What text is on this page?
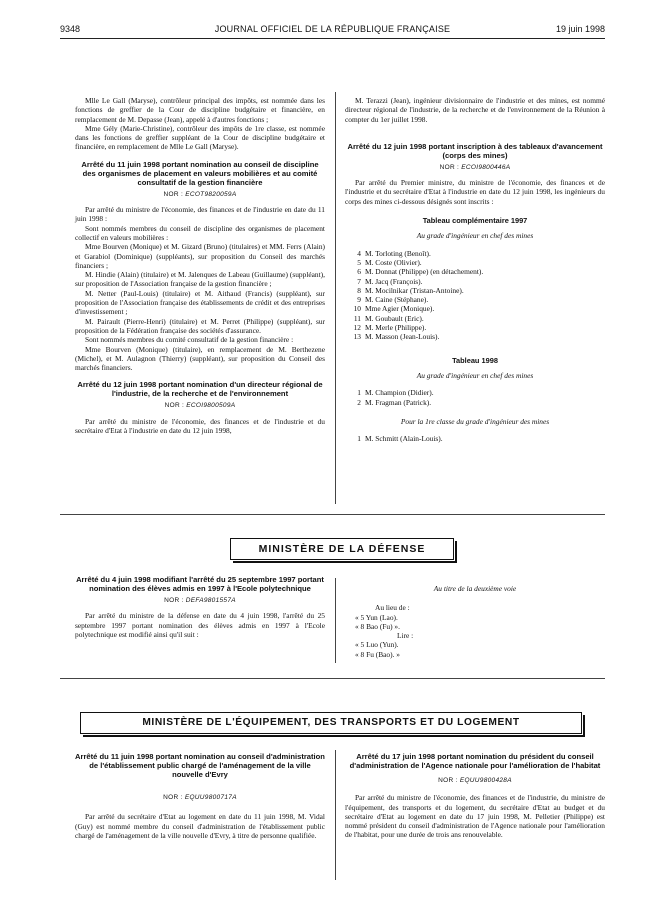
9348	JOURNAL OFFICIEL DE LA RÉPUBLIQUE FRANÇAISE	19 juin 1998

Mlle Le Gall (Maryse), contrôleur principal des impôts, est nommée dans les fonctions de greffier de la Cour de discipline budgétaire et financière, en remplacement de M. Depasse (Jean), appelé à d'autres fonctions ;

Mme Gély (Marie-Christine), contrôleur des impôts de 1re classe, est nommée dans les fonctions de greffier suppléant de la Cour de discipline budgétaire et financière, en remplacement de Mlle Le Gall (Maryse).

Arrêté du 11 juin 1998 portant nomination au conseil de discipline des organismes de placement en valeurs mobilières et au comité consultatif de la gestion financière
NOR : ECOT9820059A

Par arrêté du ministre de l'économie, des finances et de l'industrie en date du 11 juin 1998 :

Sont nommés membres du conseil de discipline des organismes de placement collectif en valeurs mobilières :

Mme Bourven (Monique) et M. Gizard (Bruno) (titulaires) et MM. Ferrs (Alain) et Garabiol (Dominique) (suppléants), sur proposition du Conseil des marchés financiers ;

M. Hindie (Alain) (titulaire) et M. Jalenques de Labeau (Guillaume) (suppléant), sur proposition de l'Association française de la gestion financière ;

M. Netter (Paul-Louis) (titulaire) et M. Aithaud (Francis) (suppléant), sur proposition de l'Association française des établissements de crédit et des entreprises d'investissement ;

M. Pairault (Pierre-Henri) (titulaire) et M. Perret (Philippe) (suppléant), sur proposition de la Fédération française des sociétés d'assurance.

Sont nommés membres du comité consultatif de la gestion financière :

Mme Bourven (Monique) (titulaire), en remplacement de M. Berthezene (Michel), et M. Aulagnon (Thierry) (suppléant), sur proposition du Conseil des marchés financiers.

Arrêté du 12 juin 1998 portant nomination d'un directeur régional de l'industrie, de la recherche et de l'environnement
NOR : ECOI9800509A

Par arrêté du ministre de l'économie, des finances et de l'industrie et du secrétaire d'Etat à l'industrie en date du 12 juin 1998,

M. Terazzi (Jean), ingénieur divisionnaire de l'industrie et des mines, est nommé directeur régional de l'industrie, de la recherche et de l'environnement de la Réunion à compter du 1er juillet 1998.

Arrêté du 12 juin 1998 portant inscription à des tableaux d'avancement (corps des mines)
NOR : ECOI9800446A

Par arrêté du Premier ministre, du ministre de l'économie, des finances et de l'industrie et du secrétaire d'Etat à l'industrie en date du 12 juin 1998, les ingénieurs du corps des mines ci-dessous désignés sont inscrits :

Tableau complémentaire 1997
Au grade d'ingénieur en chef des mines
4 M. Torloting (Benoît).
5 M. Coste (Olivier).
6 M. Donnat (Philippe) (en détachement).
7 M. Jacq (François).
8 M. Mocilnikar (Tristan-Antoine).
9 M. Caine (Stéphane).
10 Mme Agier (Monique).
11 M. Goubault (Eric).
12 M. Merle (Philippe).
13 M. Masson (Jean-Louis).
Tableau 1998
Au grade d'ingénieur en chef des mines
1 M. Champion (Didier).
2 M. Fragman (Patrick).
Pour la 1re classe du grade d'ingénieur des mines
1 M. Schmitt (Alain-Louis).
MINISTÈRE DE LA DÉFENSE
Arrêté du 4 juin 1998 modifiant l'arrêté du 25 septembre 1997 portant nomination des élèves admis en 1997 à l'Ecole polytechnique
NOR : DEFA9801557A

Par arrêté du ministre de la défense en date du 4 juin 1998, l'arrêté du 25 septembre 1997 portant nomination des élèves admis en 1997 à l'Ecole polytechnique est modifié ainsi qu'il suit :

Au titre de la deuxième voie

Au lieu de :

« 5 Yun (Lao).

« 8 Bao (Fu) ».

Lire :

« 5 Luo (Yun).

« 8 Fu (Bao). »

MINISTÈRE DE L'ÉQUIPEMENT, DES TRANSPORTS ET DU LOGEMENT
Arrêté du 11 juin 1998 portant nomination au conseil d'administration de l'établissement public chargé de l'aménagement de la ville nouvelle d'Evry
NOR : EQUU9800717A

Par arrêté du secrétaire d'Etat au logement en date du 11 juin 1998, M. Vidal (Guy) est nommé membre du conseil d'administration de l'établissement public chargé de l'aménagement de la ville nouvelle d'Evry, à titre de personne qualifiée.

Arrêté du 17 juin 1998 portant nomination du président du conseil d'administration de l'Agence nationale pour l'amélioration de l'habitat
NOR : EQUU9800428A

Par arrêté du ministre de l'économie, des finances et de l'industrie, du ministre de l'équipement, des transports et du logement, du secrétaire d'Etat au budget et du secrétaire d'Etat au logement en date du 17 juin 1998, M. Pelletier (Philippe) est nommé président du conseil d'administration de l'Agence nationale pour l'amélioration de l'habitat, pour une durée de trois ans renouvelable.
